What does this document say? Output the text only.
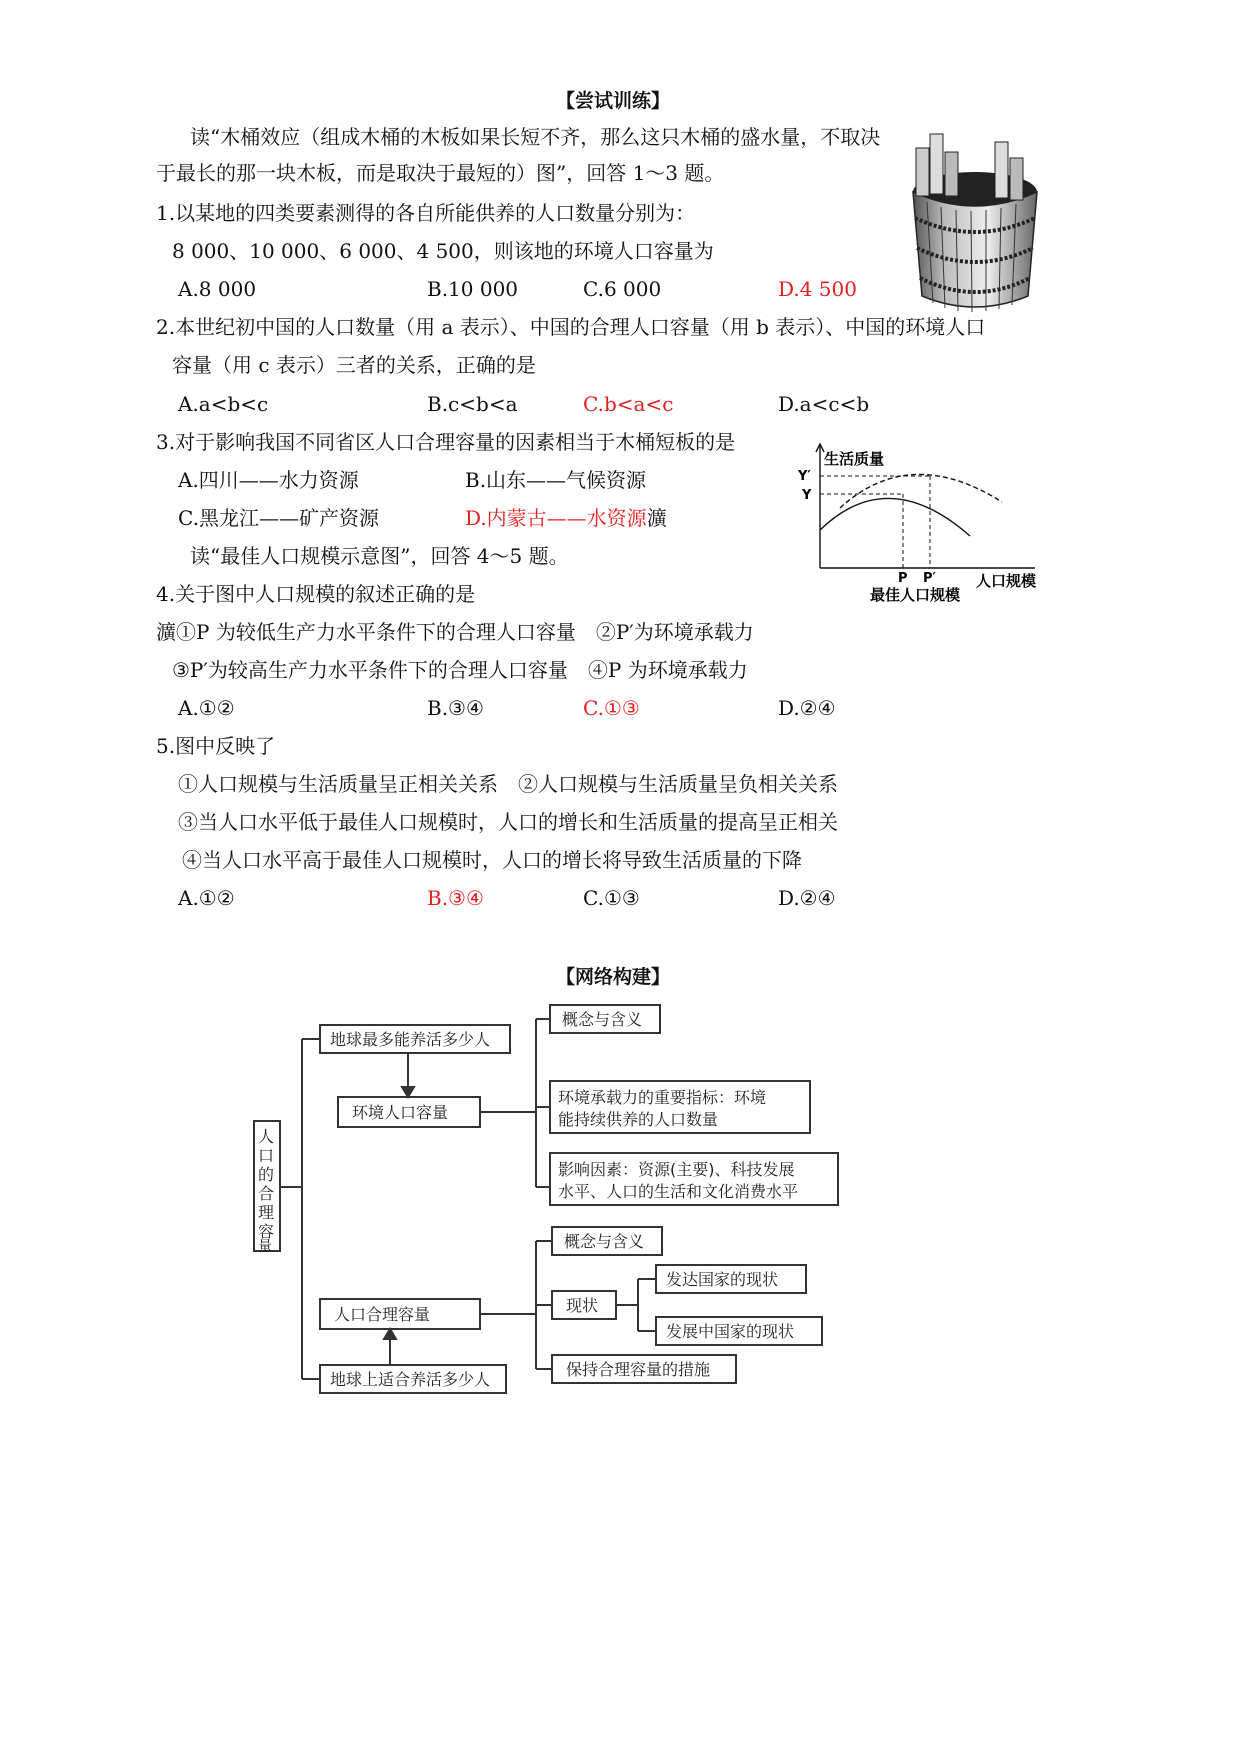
【尝试训练】
读“木桶效应（组成木桶的木板如果长短不齐，那么这只木桶的盛水量，不取决
于最长的那一块木板，而是取决于最短的）图”，回答 1～3 题。
1.以某地的四类要素测得的各自所能供养的人口数量分别为：
8 000、10 000、6 000、4 500，则该地的环境人口容量为
A.8 000	B.10 000	C.6 000	D.4 500
2.本世纪初中国的人口数量（用 a 表示）、中国的合理人口容量（用 b 表示）、中国的环境人口
容量（用 c 表示）三者的关系，正确的是
A.a<b<c	B.c<b<a	C.b<a<c	D.a<c<b
3.对于影响我国不同省区人口合理容量的因素相当于木桶短板的是
A.四川——水力资源	B.山东——气候资源
C.黑龙江——矿产资源	D.内蒙古——水资源瀇
读“最佳人口规模示意图”，回答 4～5 题。
生活质量
Y′
Y
P P′	人口规模
最佳人口规模
4.关于图中人口规模的叙述正确的是
瀇①P 为较低生产力水平条件下的合理人口容量　②P′为环境承载力
③P′为较高生产力水平条件下的合理人口容量　④P 为环境承载力
A.①②	B.③④	C.①③	D.②④
5.图中反映了
①人口规模与生活质量呈正相关关系　②人口规模与生活质量呈负相关关系
③当人口水平低于最佳人口规模时，人口的增长和生活质量的提高呈正相关
④当人口水平高于最佳人口规模时，人口的增长将导致生活质量的下降
A.①②	B.③④	C.①③	D.②④
【网络构建】
人
口
的
合
理
容
量
地球最多能养活多少人
环境人口容量
概念与含义
环境承载力的重要指标：环境
能持续供养的人口数量
影响因素：资源(主要)、科技发展
水平、人口的生活和文化消费水平
人口合理容量
地球上适合养活多少人
概念与含义
现状
发达国家的现状
发展中国家的现状
保持合理容量的措施
